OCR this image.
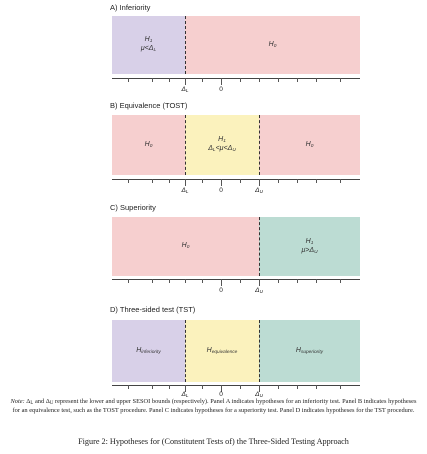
A) Inferiority
$H_1$
$\mu<\Delta_L$
$H_0$
$\Delta_L$	0
B) Equivalence (TOST)
$H_0$
$H_1$
$\Delta_L<\mu<\Delta_U$
$H_0$
$\Delta_L$	0	$\Delta_U$
C) Superiority
$H_0$
$H_1$
$\mu>\Delta_U$
0	$\Delta_U$
D) Three-sided test (TST)
$H_{inferiority}$	$H_{equivalence}$	$H_{superiority}$
$\Delta_L$	0	$\Delta_U$
Note: $\Delta_L$ and $\Delta_U$ represent the lower and upper SESOI bounds (respectively). Panel A indicates hypotheses for an inferiority test. Panel B indicates hypotheses for an equivalence test, such as the TOST procedure. Panel C indicates hypotheses for a superiority test. Panel D indicates hypotheses for the TST procedure.
Figure 2: Hypotheses for (Constitutent Tests of) the Three-Sided Testing Approach
